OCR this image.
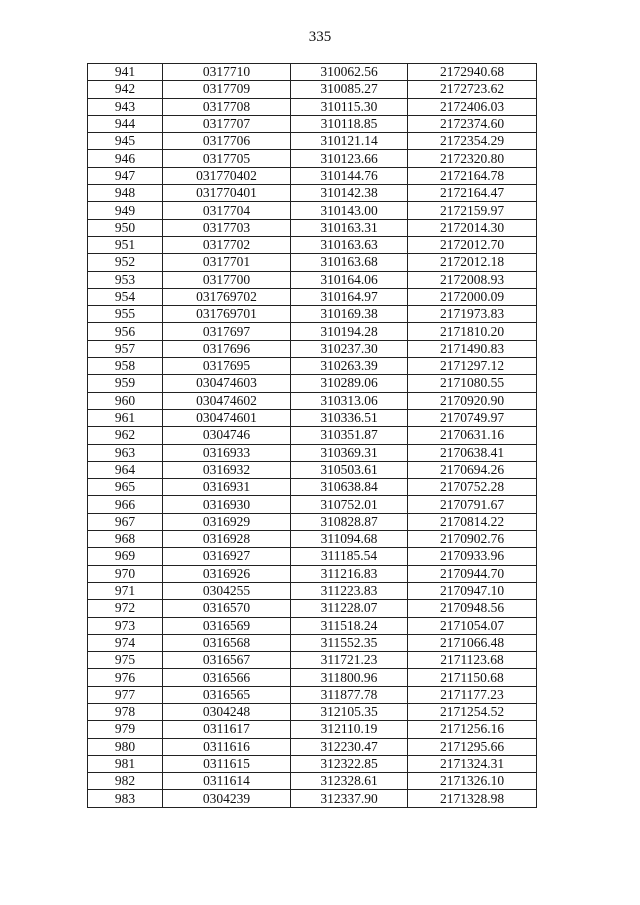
335
941	0317710	310062.56	2172940.68
942	0317709	310085.27	2172723.62
943	0317708	310115.30	2172406.03
944	0317707	310118.85	2172374.60
945	0317706	310121.14	2172354.29
946	0317705	310123.66	2172320.80
947	031770402	310144.76	2172164.78
948	031770401	310142.38	2172164.47
949	0317704	310143.00	2172159.97
950	0317703	310163.31	2172014.30
951	0317702	310163.63	2172012.70
952	0317701	310163.68	2172012.18
953	0317700	310164.06	2172008.93
954	031769702	310164.97	2172000.09
955	031769701	310169.38	2171973.83
956	0317697	310194.28	2171810.20
957	0317696	310237.30	2171490.83
958	0317695	310263.39	2171297.12
959	030474603	310289.06	2171080.55
960	030474602	310313.06	2170920.90
961	030474601	310336.51	2170749.97
962	0304746	310351.87	2170631.16
963	0316933	310369.31	2170638.41
964	0316932	310503.61	2170694.26
965	0316931	310638.84	2170752.28
966	0316930	310752.01	2170791.67
967	0316929	310828.87	2170814.22
968	0316928	311094.68	2170902.76
969	0316927	311185.54	2170933.96
970	0316926	311216.83	2170944.70
971	0304255	311223.83	2170947.10
972	0316570	311228.07	2170948.56
973	0316569	311518.24	2171054.07
974	0316568	311552.35	2171066.48
975	0316567	311721.23	2171123.68
976	0316566	311800.96	2171150.68
977	0316565	311877.78	2171177.23
978	0304248	312105.35	2171254.52
979	0311617	312110.19	2171256.16
980	0311616	312230.47	2171295.66
981	0311615	312322.85	2171324.31
982	0311614	312328.61	2171326.10
983	0304239	312337.90	2171328.98
